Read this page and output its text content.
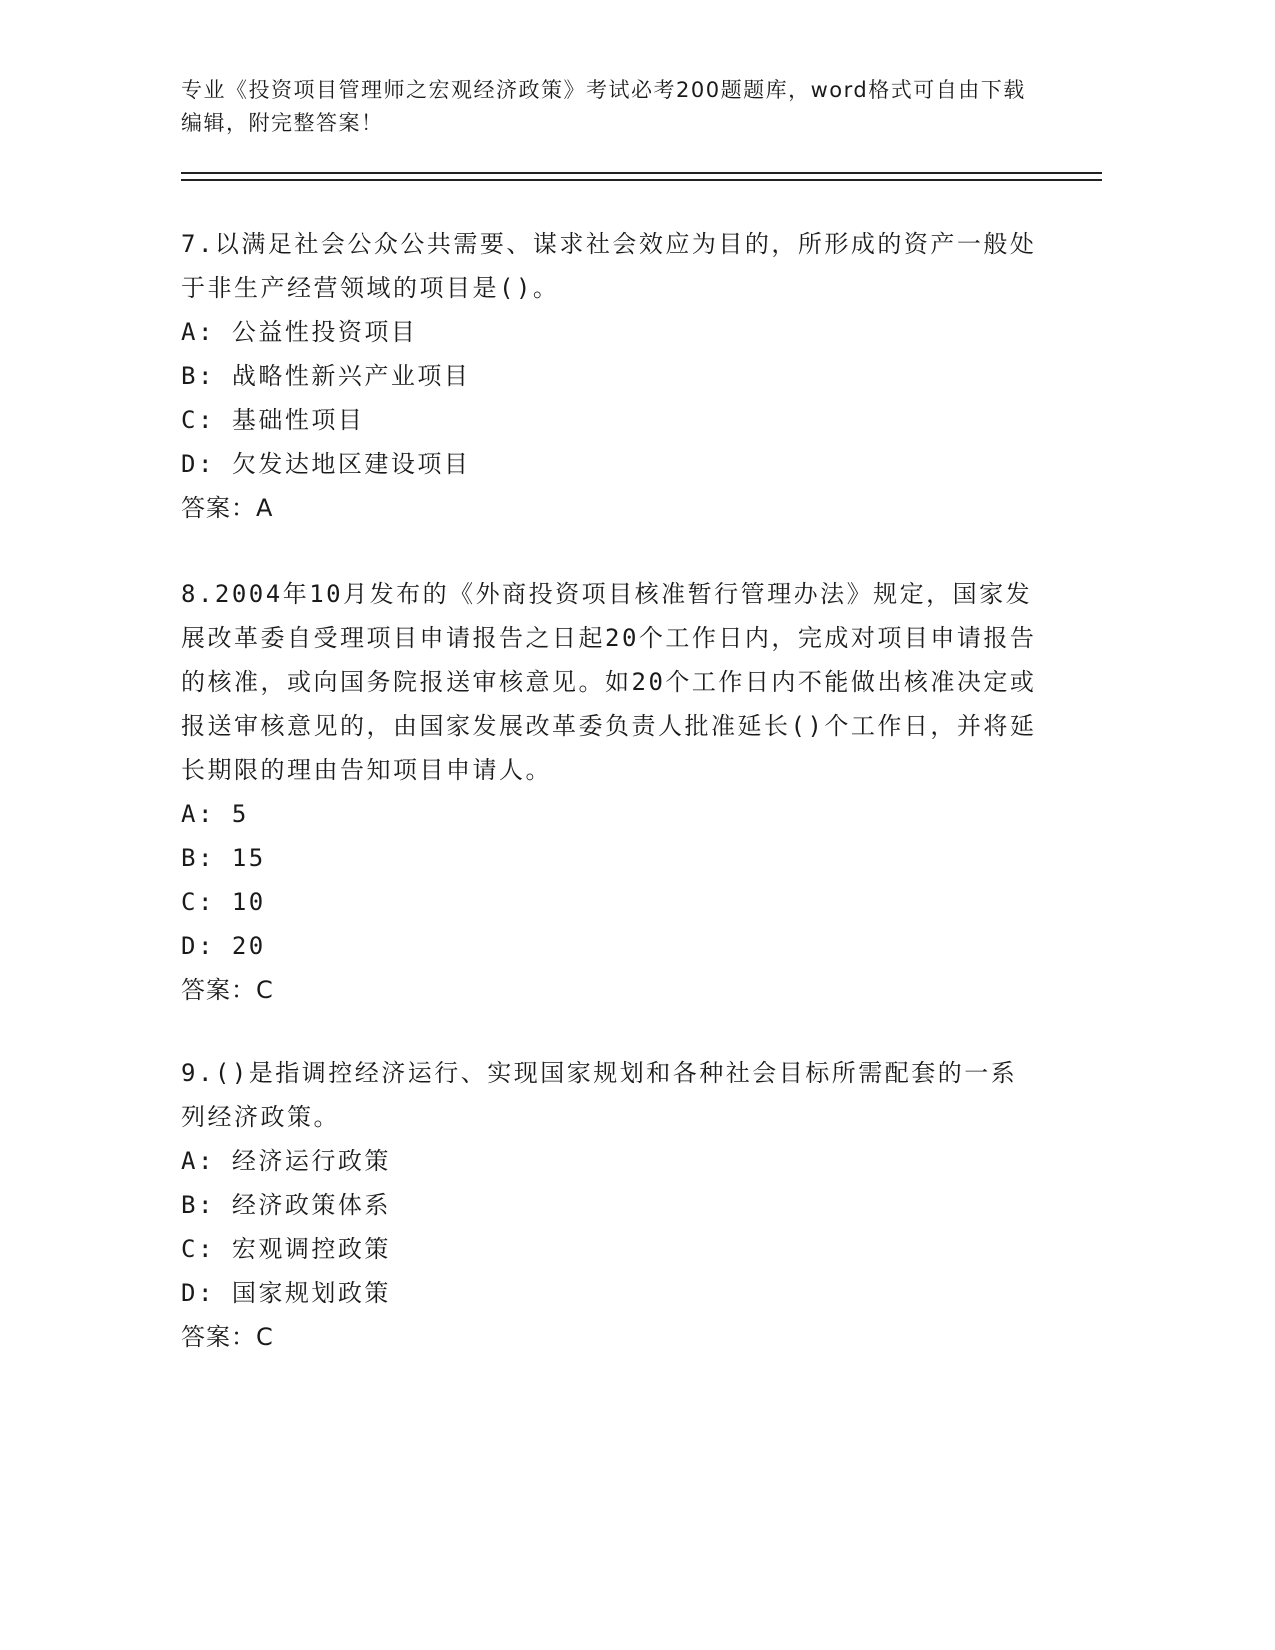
专业《投资项目管理师之宏观经济政策》考试必考200题题库，word格式可自由下载编辑，附完整答案！

7.以满足社会公众公共需要、谋求社会效应为目的，所形成的资产一般处于非生产经营领域的项目是()。

A: 公益性投资项目
B: 战略性新兴产业项目
C: 基础性项目
D: 欠发达地区建设项目

答案：A

8.2004年10月发布的《外商投资项目核准暂行管理办法》规定，国家发展改革委自受理项目申请报告之日起20个工作日内，完成对项目申请报告的核准，或向国务院报送审核意见。如20个工作日内不能做出核准决定或报送审核意见的，由国家发展改革委负责人批准延长()个工作日，并将延长期限的理由告知项目申请人。

A: 5
B: 15
C: 10
D: 20

答案：C

9.()是指调控经济运行、实现国家规划和各种社会目标所需配套的一系列经济政策。

A: 经济运行政策
B: 经济政策体系
C: 宏观调控政策
D: 国家规划政策

答案：C
